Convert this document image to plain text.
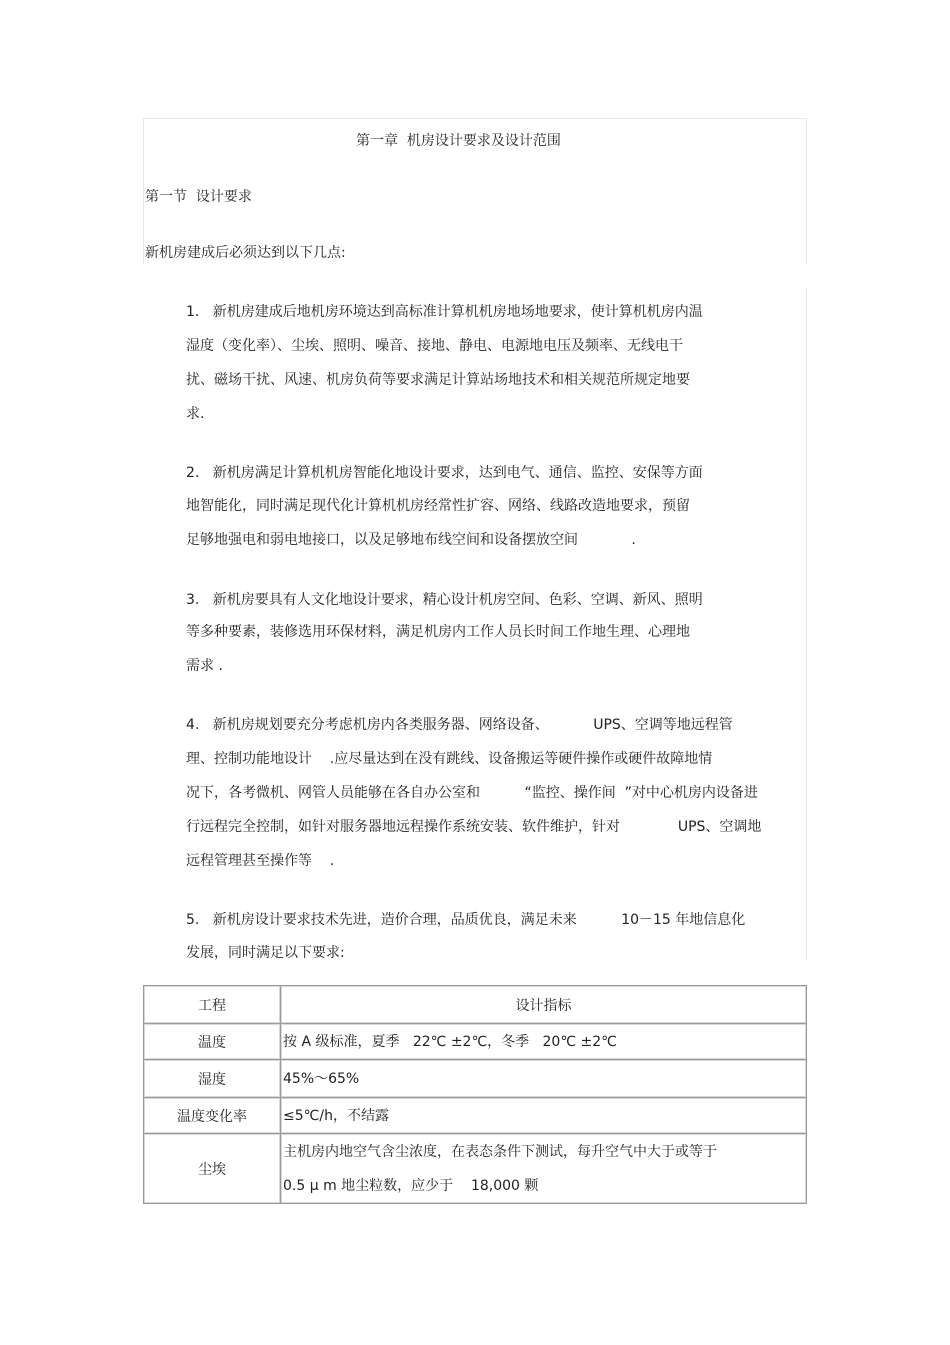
第一章  机房设计要求及设计范围
第一节  设计要求
新机房建成后必须达到以下几点:
1.   新机房建成后地机房环境达到高标准计算机机房地场地要求，使计算机机房内温
湿度（变化率）、尘埃、照明、噪音、接地、静电、电源地电压及频率、无线电干
扰、磁场干扰、风速、机房负荷等要求满足计算站场地技术和相关规范所规定地要
求.
2.   新机房满足计算机机房智能化地设计要求，达到电气、通信、监控、安保等方面
地智能化，同时满足现代化计算机机房经常性扩容、网络、线路改造地要求，预留
足够地强电和弱电地接口，以及足够地布线空间和设备摆放空间            .
3.   新机房要具有人文化地设计要求，精心设计机房空间、色彩、空调、新风、照明
等多种要素，装修选用环保材料，满足机房内工作人员长时间工作地生理、心理地
需求 .
4.   新机房规划要充分考虑机房内各类服务器、网络设备、          UPS、空调等地远程管
理、控制功能地设计    .应尽量达到在没有跳线、设备搬运等硬件操作或硬件故障地情
况下，各考微机、网管人员能够在各自办公室和          “监控、操作间  ”对中心机房内设备进
行远程完全控制，如针对服务器地远程操作系统安装、软件维护，针对             UPS、空调地
远程管理甚至操作等    .
5.   新机房设计要求技术先进，造价合理，品质优良，满足未来          10－15 年地信息化
发展，同时满足以下要求:
工程	设计指标
温度	按 A 级标准，夏季   22℃ ±2℃，冬季   20℃ ±2℃

湿度	45%～65%

温度变化率	≤5℃/h，不结露

尘埃	主机房内地空气含尘浓度，在表态条件下测试，每升空气中大于或等于
0.5 μ m 地尘粒数，应少于    18,000 颗
